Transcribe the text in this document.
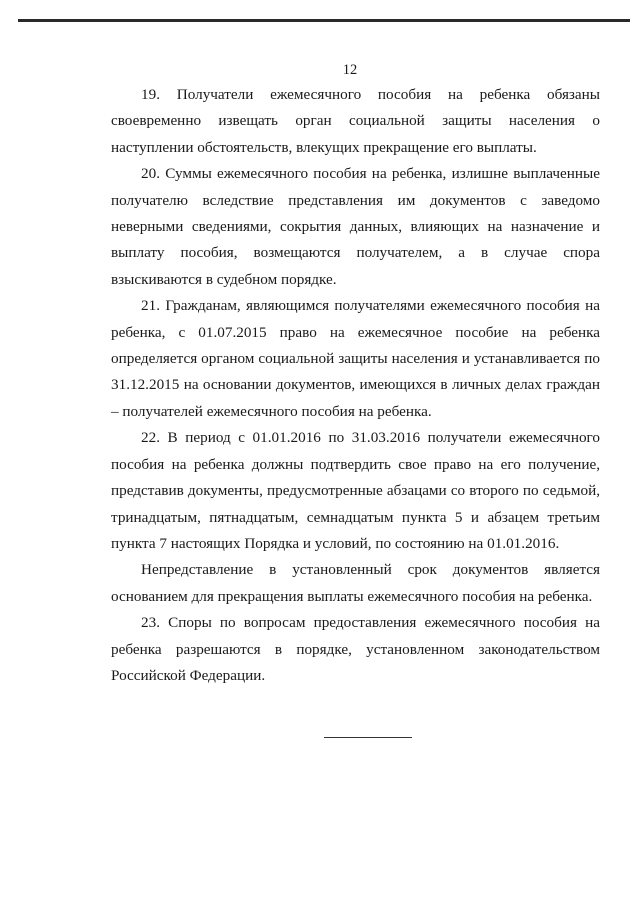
12

19. Получатели ежемесячного пособия на ребенка обязаны своевременно извещать орган социальной защиты населения о наступлении обстоятельств, влекущих прекращение его выплаты.

20. Суммы ежемесячного пособия на ребенка, излишне выплаченные получателю вследствие представления им документов с заведомо неверными сведениями, сокрытия данных, влияющих на назначение и выплату пособия, возмещаются получателем, а в случае спора взыскиваются в судебном порядке.

21. Гражданам, являющимся получателями ежемесячного пособия на ребенка, с 01.07.2015 право на ежемесячное пособие на ребенка определяется органом социальной защиты населения и устанавливается по 31.12.2015 на основании документов, имеющихся в личных делах граждан – получателей ежемесячного пособия на ребенка.

22. В период с 01.01.2016 по 31.03.2016 получатели ежемесячного пособия на ребенка должны подтвердить свое право на его получение, представив документы, предусмотренные абзацами со второго по седьмой, тринадцатым, пятнадцатым, семнадцатым пункта 5 и абзацем третьим пункта 7 настоящих Порядка и условий, по состоянию на 01.01.2016.

Непредставление в установленный срок документов является основанием для прекращения выплаты ежемесячного пособия на ребенка.

23. Споры по вопросам предоставления ежемесячного пособия на ребенка разрешаются в порядке, установленном законодательством Российской Федерации.
